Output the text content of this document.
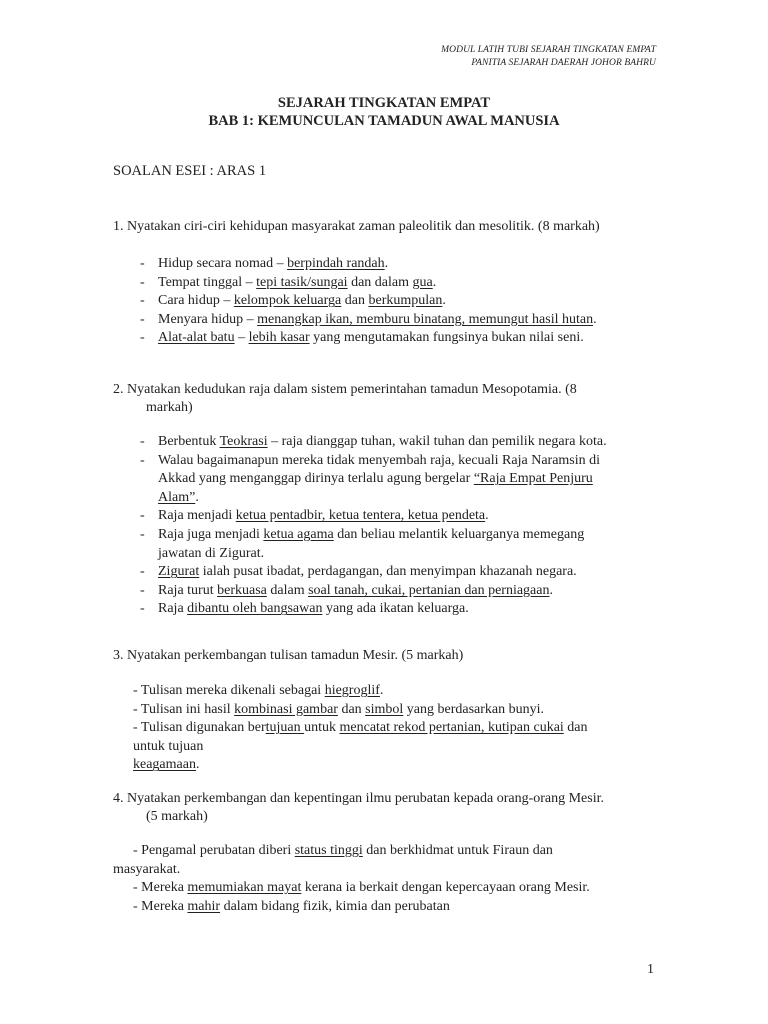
MODUL LATIH TUBI SEJARAH TINGKATAN EMPAT
PANITIA SEJARAH DAERAH JOHOR BAHRU
SEJARAH TINGKATAN EMPAT
BAB 1: KEMUNCULAN TAMADUN AWAL MANUSIA
SOALAN ESEI : ARAS 1

1. Nyatakan ciri-ciri kehidupan masyarakat zaman paleolitik dan mesolitik. (8 markah)

- Hidup secara nomad – berpindah randah.
- Tempat tinggal – tepi tasik/sungai dan dalam gua.
- Cara hidup – kelompok keluarga dan berkumpulan.
- Menyara hidup – menangkap ikan, memburu binatang, memungut hasil hutan.
- Alat-alat batu – lebih kasar yang mengutamakan fungsinya bukan nilai seni.

2. Nyatakan kedudukan raja dalam sistem pemerintahan tamadun Mesopotamia. (8

markah)

- Berbentuk Teokrasi – raja dianggap tuhan, wakil tuhan dan pemilik negara kota.
- Walau bagaimanapun mereka tidak menyembah raja, kecuali Raja Naramsin di
Akkad yang menganggap dirinya terlalu agung bergelar “Raja Empat Penjuru
Alam”.
- Raja menjadi ketua pentadbir, ketua tentera, ketua pendeta.
- Raja juga menjadi ketua agama dan beliau melantik keluarganya memegang
jawatan di Zigurat.
- Zigurat ialah pusat ibadat, perdagangan, dan menyimpan khazanah negara.
- Raja turut berkuasa dalam soal tanah, cukai, pertanian dan perniagaan.
- Raja dibantu oleh bangsawan yang ada ikatan keluarga.

3. Nyatakan perkembangan tulisan tamadun Mesir. (5 markah)

- Tulisan mereka dikenali sebagai hiegroglif.
- Tulisan ini hasil kombinasi gambar dan simbol yang berdasarkan bunyi.
- Tulisan digunakan bertujuan untuk mencatat rekod pertanian, kutipan cukai dan
untuk tujuan
keagamaan.

4. Nyatakan perkembangan dan kepentingan ilmu perubatan kepada orang-orang Mesir.

(5 markah)

- Pengamal perubatan diberi status tinggi dan berkhidmat untuk Firaun dan
masyarakat.
- Mereka memumiakan mayat kerana ia berkait dengan kepercayaan orang Mesir.
- Mereka mahir dalam bidang fizik, kimia dan perubatan
1
